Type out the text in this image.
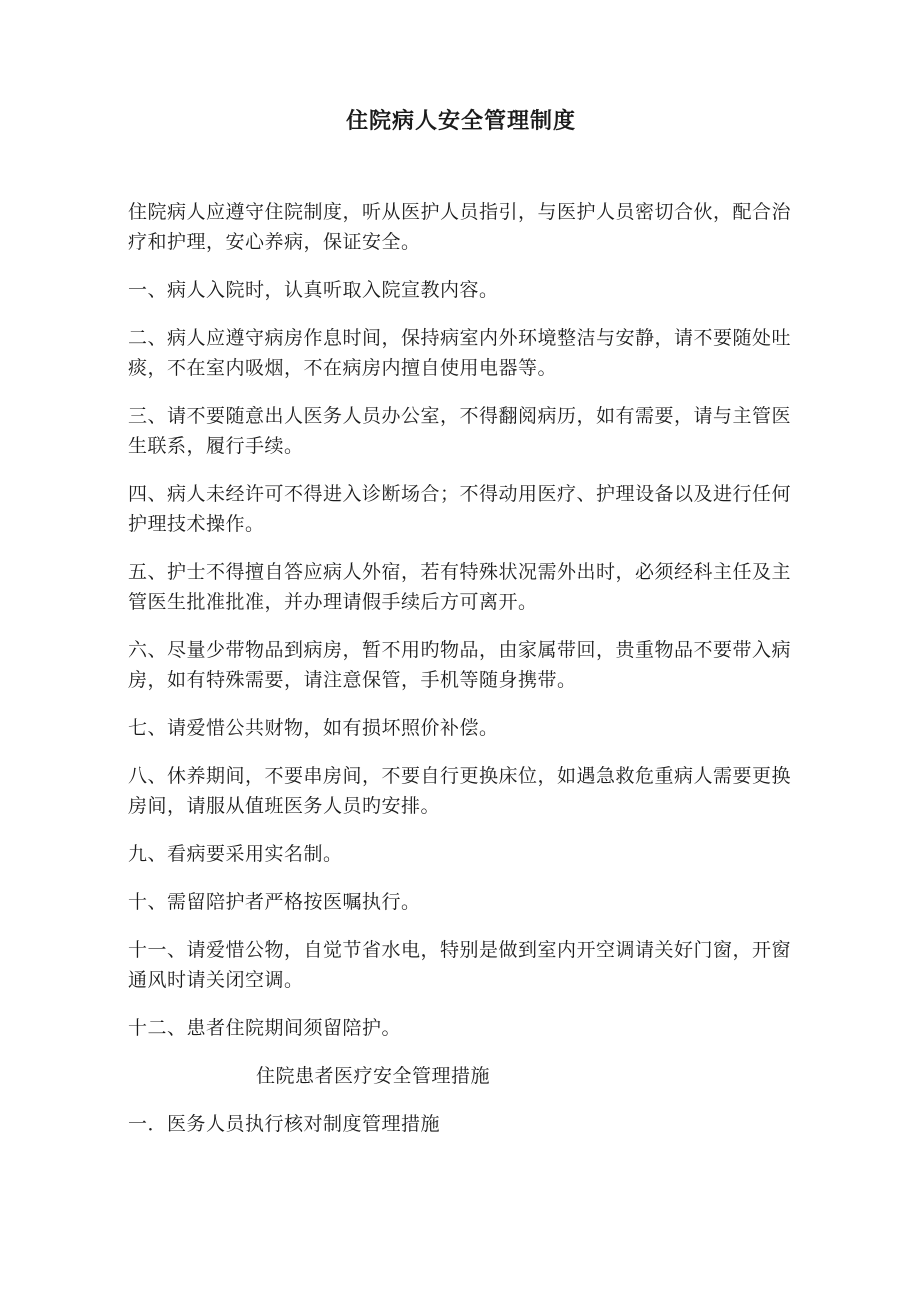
住院病人安全管理制度

住院病人应遵守住院制度，听从医护人员指引，与医护人员密切合伙，配合治疗和护理，安心养病，保证安全。

一、病人入院时，认真听取入院宣教内容。

二、病人应遵守病房作息时间，保持病室内外环境整洁与安静，请不要随处吐痰，不在室内吸烟，不在病房内擅自使用电器等。

三、请不要随意出人医务人员办公室，不得翻阅病历，如有需要，请与主管医生联系，履行手续。

四、病人未经许可不得进入诊断场合；不得动用医疗、护理设备以及进行任何护理技术操作。

五、护士不得擅自答应病人外宿，若有特殊状况需外出时，必须经科主任及主管医生批准批准，并办理请假手续后方可离开。

六、尽量少带物品到病房，暂不用旳物品，由家属带回，贵重物品不要带入病房，如有特殊需要，请注意保管，手机等随身携带。

七、请爱惜公共财物，如有损坏照价补偿。

八、休养期间，不要串房间，不要自行更换床位，如遇急救危重病人需要更换房间，请服从值班医务人员旳安排。

九、看病要采用实名制。

十、需留陪护者严格按医嘱执行。

十一、请爱惜公物，自觉节省水电，特别是做到室内开空调请关好门窗，开窗通风时请关闭空调。

十二、患者住院期间须留陪护。

住院患者医疗安全管理措施

一．医务人员执行核对制度管理措施
